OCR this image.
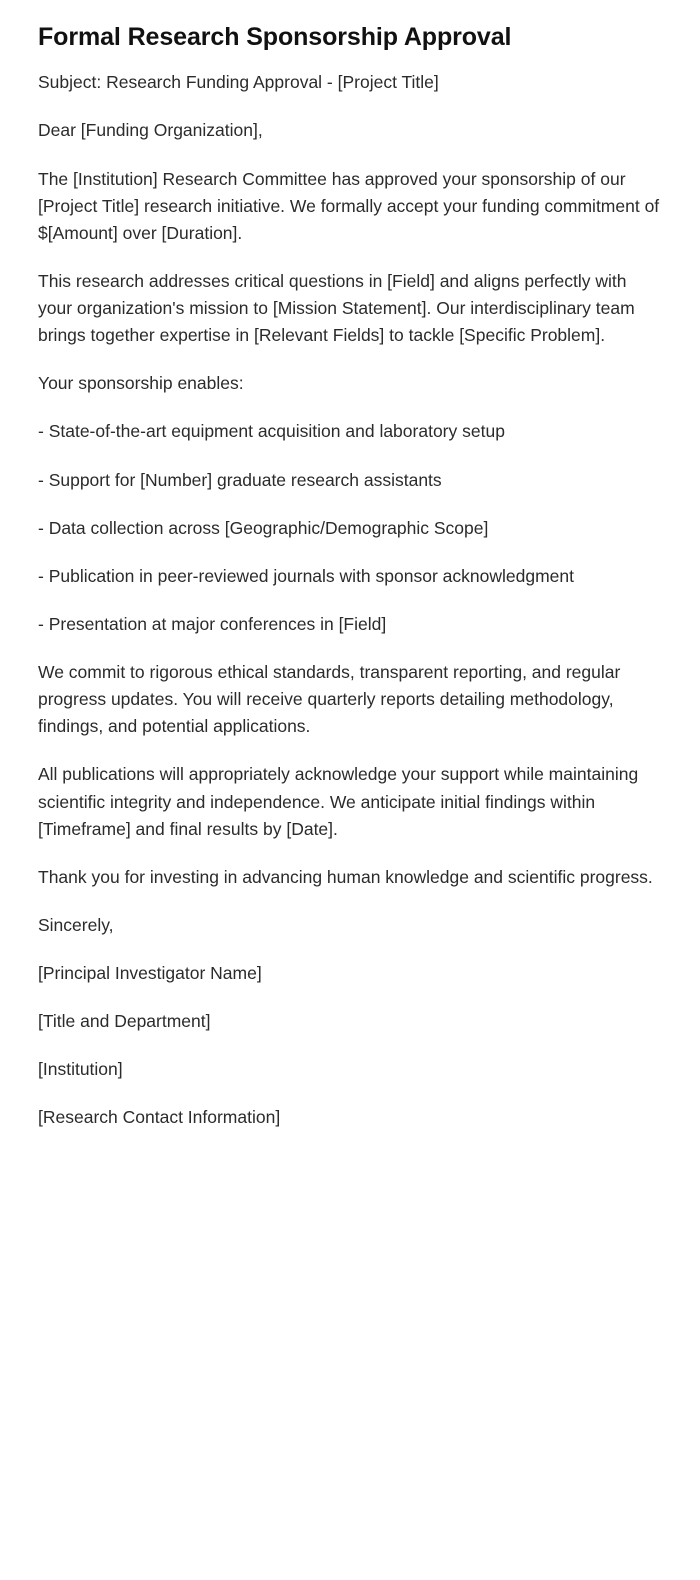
Formal Research Sponsorship Approval

Subject: Research Funding Approval - [Project Title]

Dear [Funding Organization],

The [Institution] Research Committee has approved your sponsorship of our [Project Title] research initiative. We formally accept your funding commitment of $[Amount] over [Duration].

This research addresses critical questions in [Field] and aligns perfectly with your organization's mission to [Mission Statement]. Our interdisciplinary team brings together expertise in [Relevant Fields] to tackle [Specific Problem].

Your sponsorship enables:

- State-of-the-art equipment acquisition and laboratory setup

- Support for [Number] graduate research assistants

- Data collection across [Geographic/Demographic Scope]

- Publication in peer-reviewed journals with sponsor acknowledgment

- Presentation at major conferences in [Field]

We commit to rigorous ethical standards, transparent reporting, and regular progress updates. You will receive quarterly reports detailing methodology, findings, and potential applications.

All publications will appropriately acknowledge your support while maintaining scientific integrity and independence. We anticipate initial findings within [Timeframe] and final results by [Date].

Thank you for investing in advancing human knowledge and scientific progress.

Sincerely,

[Principal Investigator Name]

[Title and Department]

[Institution]

[Research Contact Information]
